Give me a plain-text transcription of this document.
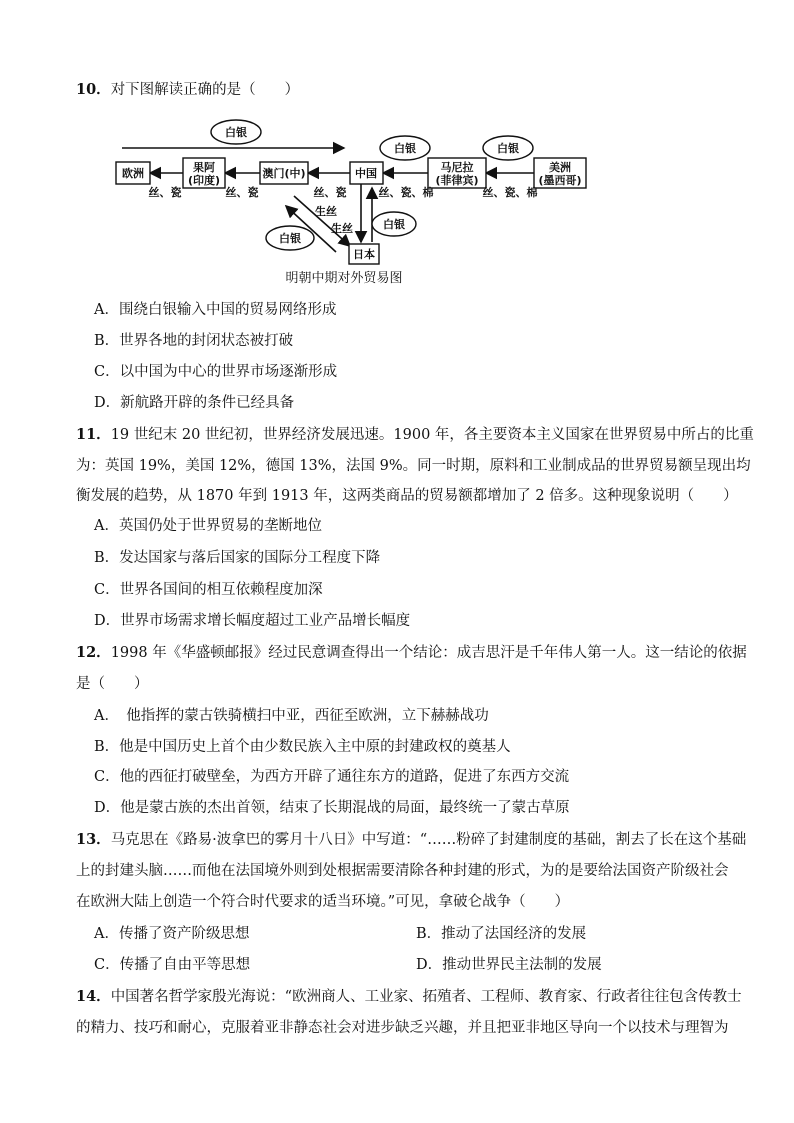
10．对下图解读正确的是（　　）
欧洲	果阿
(印度)
澳门(中)	中国	马尼拉
(菲律宾)
美洲
(墨西哥)
日本
白银
白银	白银
白银
白银
丝、瓷	丝、瓷	丝、瓷	丝、瓷、棉	丝、瓷、棉
生丝
生丝
明朝中期对外贸易图
A．围绕白银输入中国的贸易网络形成
B．世界各地的封闭状态被打破
C．以中国为中心的世界市场逐渐形成
D．新航路开辟的条件已经具备
11．19 世纪末 20 世纪初，世界经济发展迅速。1900 年，各主要资本主义国家在世界贸易中所占的比重
为：英国 19%，美国 12%，德国 13%，法国 9%。同一时期，原料和工业制成品的世界贸易额呈现出均
衡发展的趋势，从 1870 年到 1913 年，这两类商品的贸易额都增加了 2 倍多。这种现象说明（　　）
A．英国仍处于世界贸易的垄断地位
B．发达国家与落后国家的国际分工程度下降
C．世界各国间的相互依赖程度加深
D．世界市场需求增长幅度超过工业产品增长幅度
12．1998 年《华盛顿邮报》经过民意调查得出一个结论：成吉思汗是千年伟人第一人。这一结论的依据
是（　　）
A．　他指挥的蒙古铁骑横扫中亚，西征至欧洲，立下赫赫战功
B．他是中国历史上首个由少数民族入主中原的封建政权的奠基人
C．他的西征打破壁垒，为西方开辟了通往东方的道路，促进了东西方交流
D．他是蒙古族的杰出首领，结束了长期混战的局面，最终统一了蒙古草原
13．马克思在《路易·波拿巴的雾月十八日》中写道：“……粉碎了封建制度的基础，割去了长在这个基础
上的封建头脑……而他在法国境外则到处根据需要清除各种封建的形式，为的是要给法国资产阶级社会
在欧洲大陆上创造一个符合时代要求的适当环境。”可见，拿破仑战争（　　）
A．传播了资产阶级思想	B．推动了法国经济的发展
C．传播了自由平等思想	D．推动世界民主法制的发展
14．中国著名哲学家殷光海说：“欧洲商人、工业家、拓殖者、工程师、教育家、行政者往往包含传教士
的精力、技巧和耐心，克服着亚非静态社会对进步缺乏兴趣，并且把亚非地区导向一个以技术与理智为
